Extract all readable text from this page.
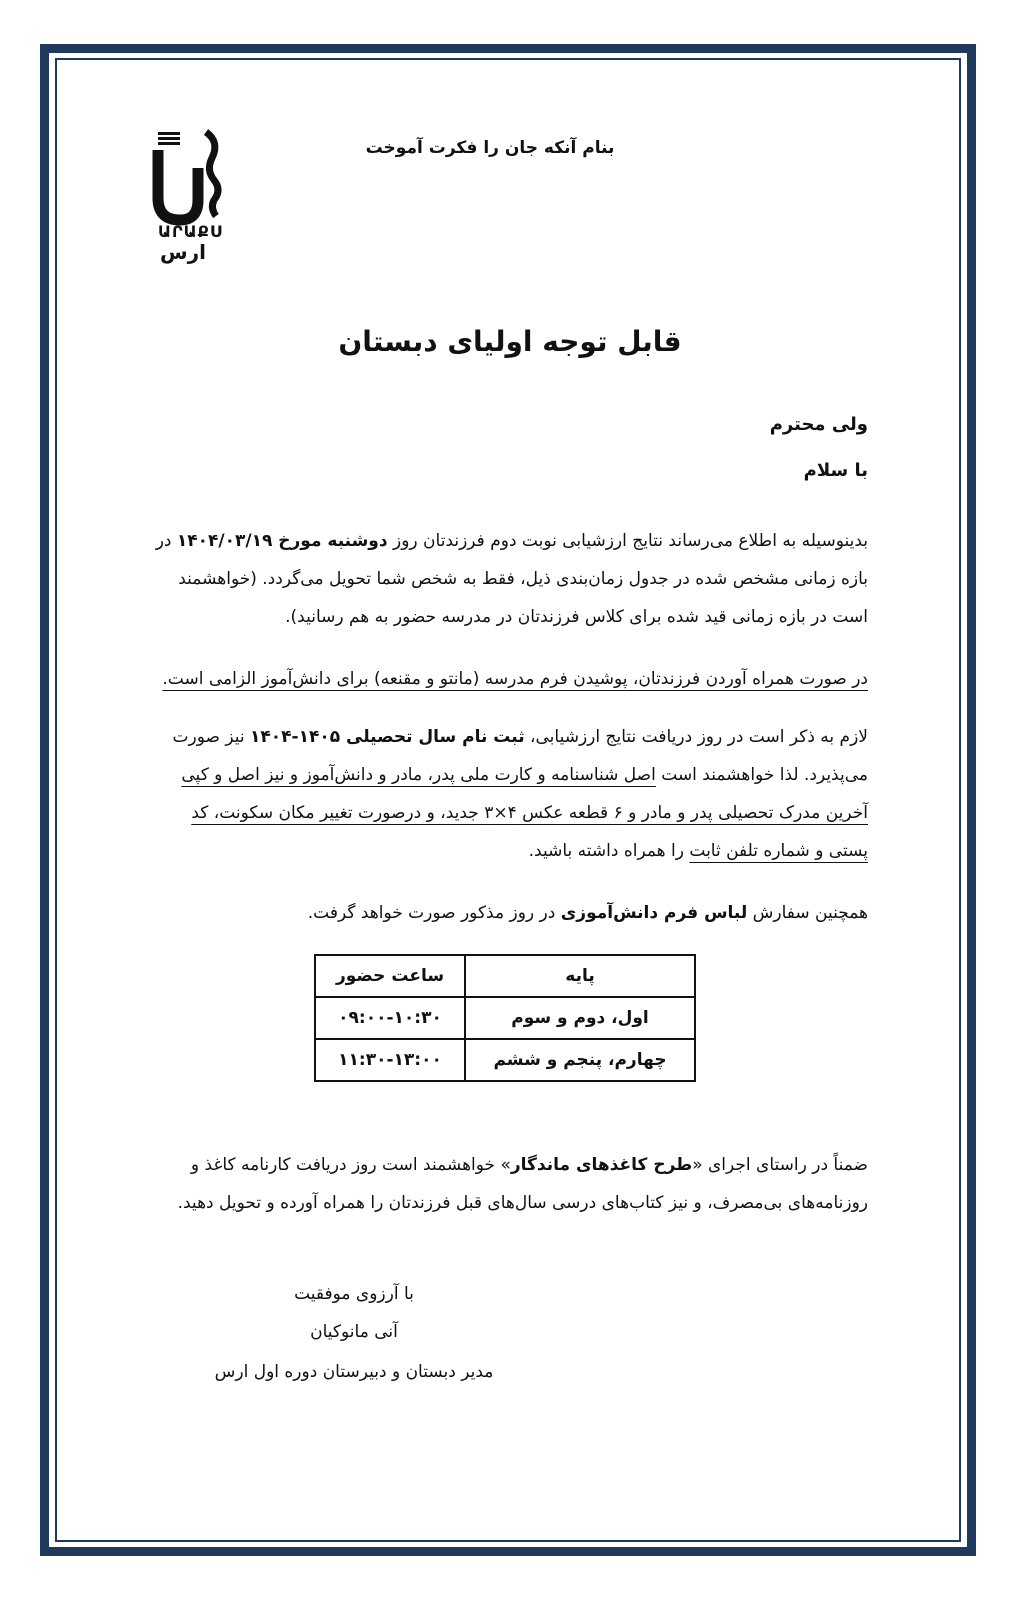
ԱՐԱՔՍ
ارس
بنام آنکه جان را فکرت آموخت
قابل توجه اولیای دبستان
ولی محترم
با سلام
بدینوسیله به اطلاع می‌رساند نتایج ارزشیابی نوبت دوم فرزندتان روز دوشنبه مورخ ۱۴۰۴/۰۳/۱۹ در بازه زمانی مشخص شده در جدول زمان‌بندی ذیل، فقط به شخص شما تحویل می‌گردد. (خواهشمند است در بازه زمانی قید شده برای کلاس فرزندتان در مدرسه حضور به هم رسانید).
در صورت همراه آوردن فرزندتان، پوشیدن فرم مدرسه (مانتو و مقنعه) برای دانش‌آموز الزامی است.
لازم به ذکر است در روز دریافت نتایج ارزشیابی، ثبت نام سال تحصیلی ۱۴۰۵-۱۴۰۴ نیز صورت می‌پذیرد. لذا خواهشمند است اصل شناسنامه و کارت ملی پدر، مادر و دانش‌آموز و نیز اصل و کپی آخرین مدرک تحصیلی پدر و مادر و ۶ قطعه عکس ۴×۳ جدید، و درصورت تغییر مکان سکونت، کد پستی و شماره تلفن ثابت را همراه داشته باشید.
همچنین سفارش لباس فرم دانش‌آموزی در روز مذکور صورت خواهد گرفت.
پایه	ساعت حضور
اول، دوم و سوم	۰۹:۰۰-۱۰:۳۰
چهارم، پنجم و ششم	۱۱:۳۰-۱۳:۰۰
ضمناً در راستای اجرای «طرح کاغذهای ماندگار» خواهشمند است روز دریافت کارنامه کاغذ و روزنامه‌های بی‌مصرف، و نیز کتاب‌های درسی سال‌های قبل فرزندتان را همراه آورده و تحویل دهید.
با آرزوی موفقیت
آنی مانوکیان
مدیر دبستان و دبیرستان دوره اول ارس
